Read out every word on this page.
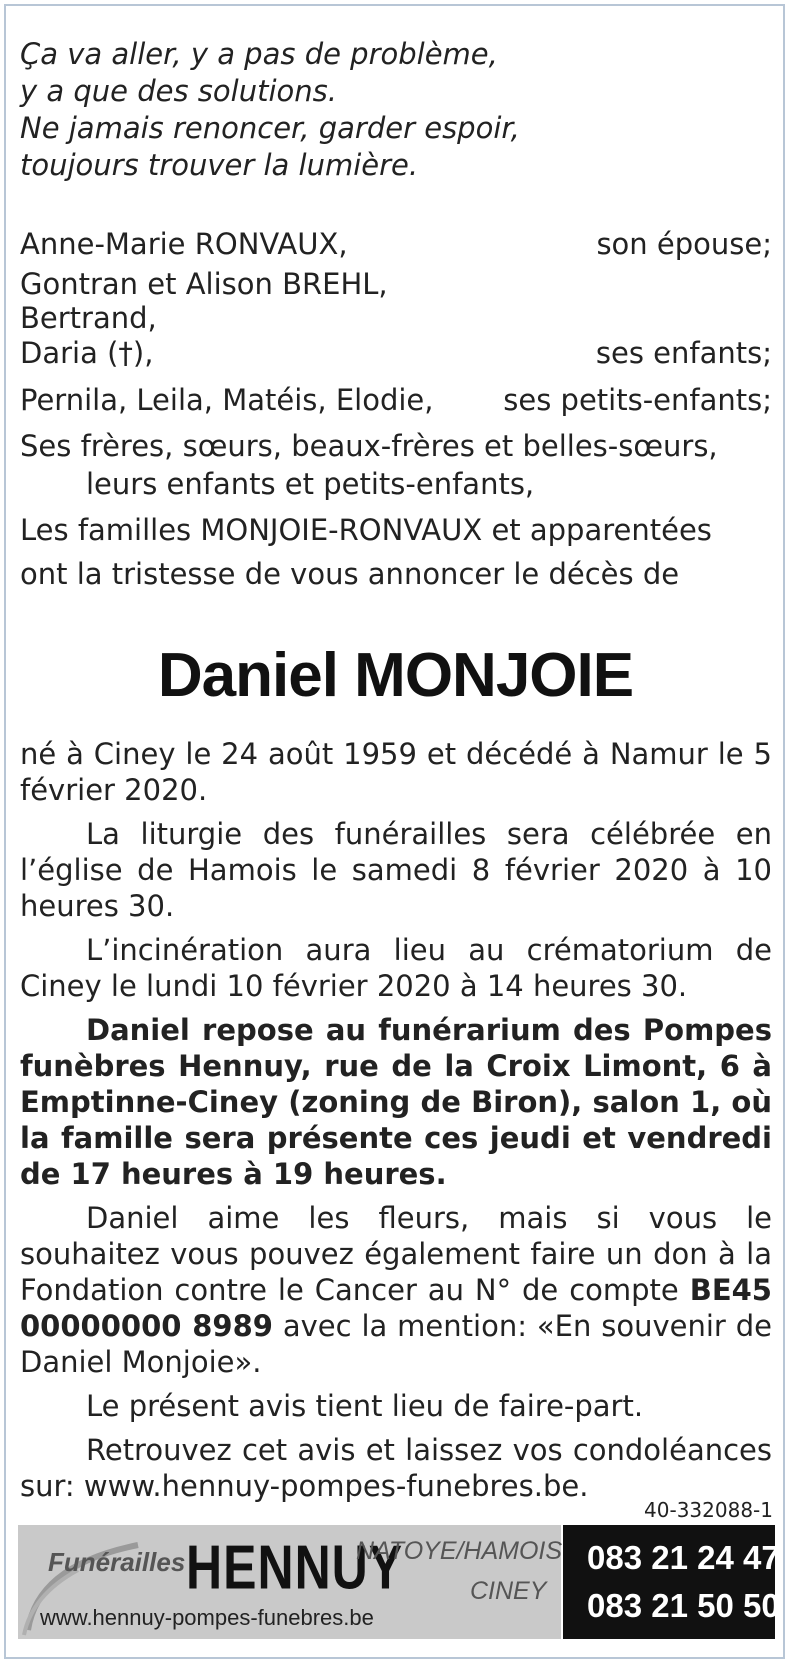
Ça va aller, y a pas de problème,
y a que des solutions.
Ne jamais renoncer, garder espoir,
toujours trouver la lumière.
Anne-Marie RONVAUX,	son épouse;
Gontran et Alison BREHL,
Bertrand,
Daria (†),	ses enfants;
Pernila, Leila, Matéis, Elodie, ses petits-enfants;
Ses frères, sœurs, beaux-frères et belles-sœurs,
leurs enfants et petits-enfants,
Les familles MONJOIE-RONVAUX et apparentées
ont la tristesse de vous annoncer le décès de
Daniel MONJOIE

né à Ciney le 24 août 1959 et décédé à Namur le 5 février 2020.

La liturgie des funérailles sera célébrée en l’église de Hamois le samedi 8 février 2020 à 10 heures 30.

L’incinération aura lieu au crématorium de Ciney le lundi 10 février 2020 à 14 heures 30.

Daniel repose au funérarium des Pompes funèbres Hennuy, rue de la Croix Limont, 6 à Emptinne-Ciney (zoning de Biron), salon 1, où la famille sera présente ces jeudi et vendredi de 17 heures à 19 heures.

Daniel aime les fleurs, mais si vous le souhaitez vous pouvez également faire un don à la Fondation contre le Cancer au N° de compte BE45 00000000 8989 avec la mention: «En souvenir de Daniel Monjoie».

Le présent avis tient lieu de faire-part.

Retrouvez cet avis et laissez vos condoléances sur: www.hennuy-pompes-funebres.be.

40-332088-1
Funérailles HENNUY
NATOYE/HAMOIS
CINEY
www.hennuy-pompes-funebres.be
083 21 24 47
083 21 50 50
